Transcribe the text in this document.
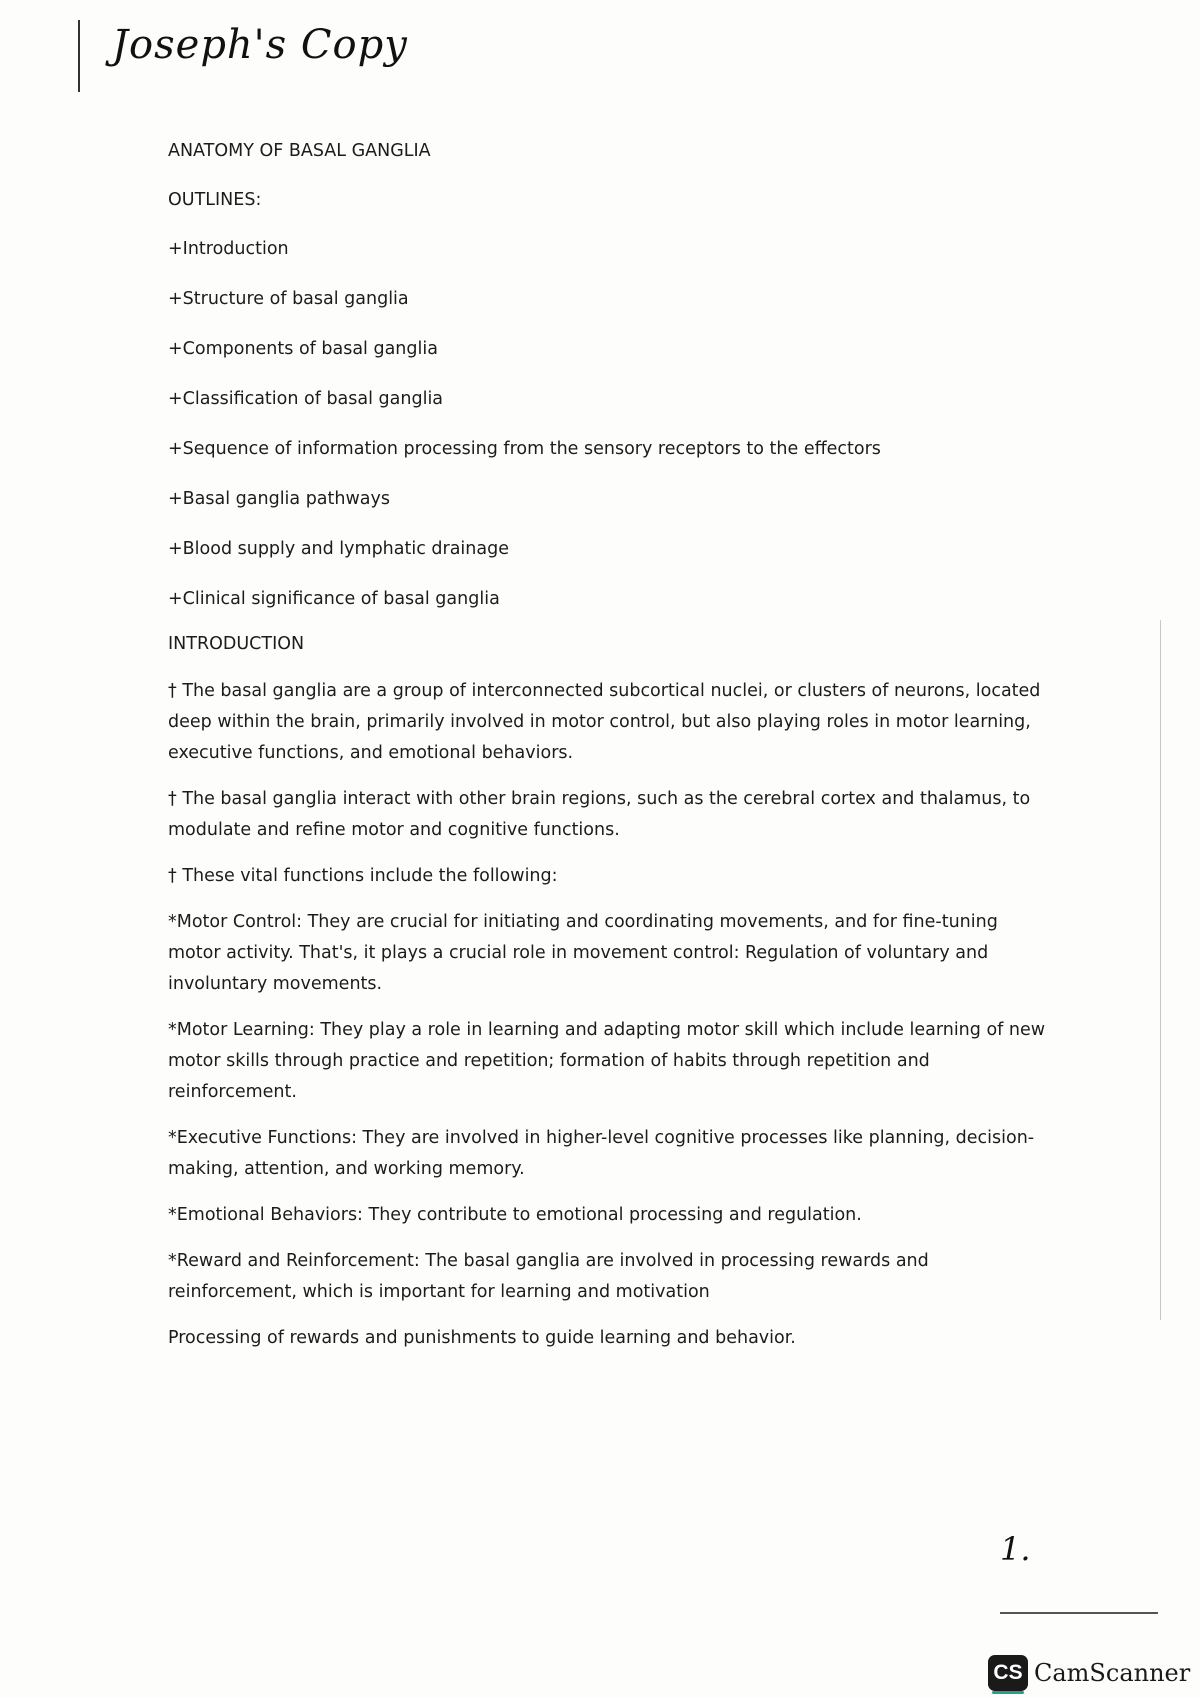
Joseph's Copy

ANATOMY OF BASAL GANGLIA

OUTLINES:

+Introduction
+Structure of basal ganglia
+Components of basal ganglia
+Classification of basal ganglia
+Sequence of information processing from the sensory receptors to the effectors
+Basal ganglia pathways
+Blood supply and lymphatic drainage
+Clinical significance of basal ganglia

INTRODUCTION

† The basal ganglia are a group of interconnected subcortical nuclei, or clusters of neurons, located deep within the brain, primarily involved in motor control, but also playing roles in motor learning, executive functions, and emotional behaviors.

† The basal ganglia interact with other brain regions, such as the cerebral cortex and thalamus, to modulate and refine motor and cognitive functions.

† These vital functions include the following:

*Motor Control: They are crucial for initiating and coordinating movements, and for fine-tuning motor activity. That's, it plays a crucial role in movement control: Regulation of voluntary and involuntary movements.

*Motor Learning: They play a role in learning and adapting motor skill which include learning of new motor skills through practice and repetition; formation of habits through repetition and reinforcement.

*Executive Functions: They are involved in higher-level cognitive processes like planning, decision-making, attention, and working memory.

*Emotional Behaviors: They contribute to emotional processing and regulation.

*Reward and Reinforcement: The basal ganglia are involved in processing rewards and reinforcement, which is important for learning and motivation

Processing of rewards and punishments to guide learning and behavior.

1.
CS CamScanner
